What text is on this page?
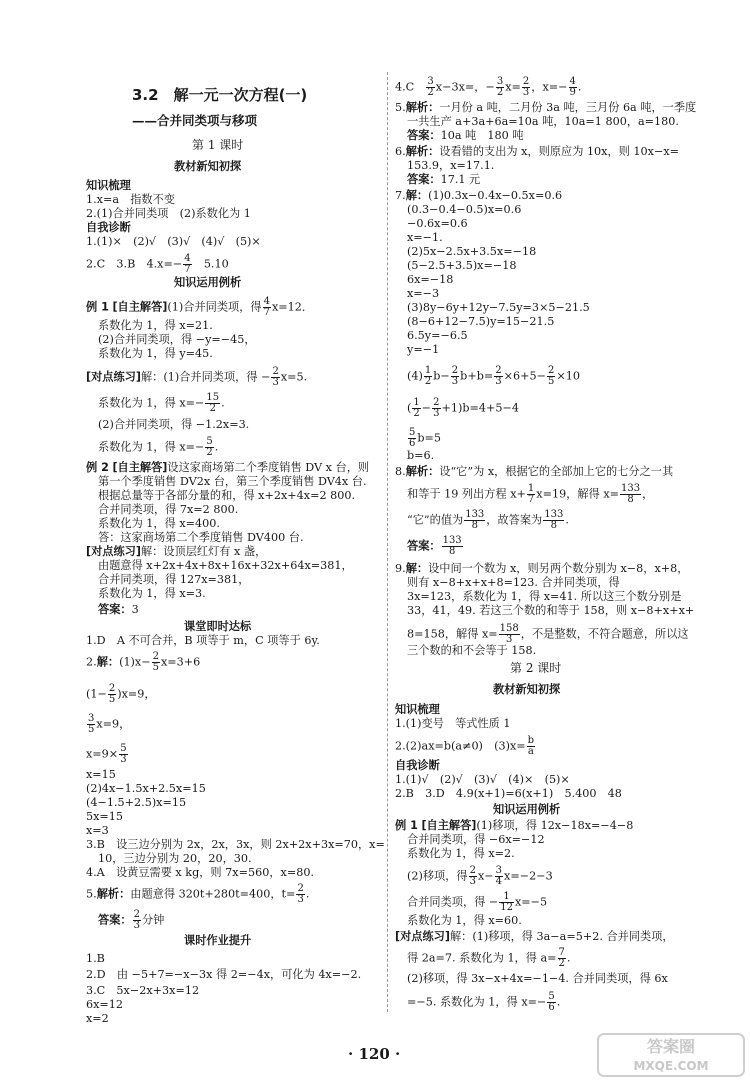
3.2　解一元一次方程(一)
——合并同类项与移项
第 1 课时
教材新知初探
知识梳理
1.x=a　指数不变
2.(1)合并同类项　(2)系数化为 1
自我诊断
1.(1)×　(2)√　(3)√　(4)√　(5)×
2.C　3.B　$4.x=- \frac{4}{7}$ 　5.10
知识运用例析
例 1 [自主解答](1)合并同类项，得 $\frac{4}{7} x=12$．
系数化为 1，得 x=21.
(2)合并同类项，得 −y=−45，
系数化为 1，得 y=45.
[对点练习]解：(1)合并同类项，得 − $\frac{2}{3} x=5$.
系数化为 1，得 $x=- \frac{15}{2}$ .
(2)合并同类项，得 −1.2x=3.
系数化为 1，得 $x=- \frac{5}{2}$ .
例 2 [自主解答]设这家商场第二个季度销售 DV x 台，则
第一个季度销售 DV2x 台，第三个季度销售 DV4x 台.
根据总量等于各部分量的和，得 x+2x+4x=2 800.
合并同类项，得 7x=2 800.
系数化为 1，得 x=400.
答：这家商场第二个季度销售 DV400 台.
[对点练习]解：设顶层红灯有 x 盏，
由题意得 x+2x+4x+8x+16x+32x+64x=381，
合并同类项，得 127x=381，
系数化为 1，得 x=3.
答案：3
课堂即时达标
1.D　A 不可合并，B 项等于 m，C 项等于 6y.
2.解：$(1)x- \frac{2}{5} x=3+6$
$(1- \frac{2}{5} )x=9$，
$\frac{3}{5} x=9$，
$x=9\times \frac{5}{3}$
x=15
(2)4x−1.5x+2.5x=15
(4−1.5+2.5)x=15
5x=15
x=3
3.B　设三边分别为 2x，2x，3x，则 2x+2x+3x=70，x=
10，三边分别为 20，20，30.
4.A　设黄豆需要 x kg，则 7x=560，x=80.
5.解析：由题意得 320t+280t=400，$t= \frac{2}{3}$ .
答案： $\frac{2}{3}$ 分钟
课时作业提升
1.B
2.D　由 −5+7=−x−3x 得 2=−4x，可化为 4x=−2.
3.C　5x−2x+3x=12
6x=12
x=2
4.C　 $\frac{3}{2} x-3x=$，− $\frac{3}{2} x= \frac{2}{3}$ ，$x=- \frac{4}{9}$ .
5.解析：一月份 a 吨，二月份 3a 吨，三月份 6a 吨，一季度
一共生产 a+3a+6a=10a 吨，10a=1 800，a=180.
答案：10a 吨　180 吨
6.解析：设看错的支出为 x，则原应为 10x，则 10x−x=
153.9，x=17.1.
答案：17.1 元
7.解：(1)0.3x−0.4x−0.5x=0.6
(0.3−0.4−0.5)x=0.6
−0.6x=0.6
x=−1.
(2)5x−2.5x+3.5x=−18
(5−2.5+3.5)x=−18
6x=−18
x=−3
(3)8y−6y+12y−7.5y=3×5−21.5
(8−6+12−7.5)y=15−21.5
6.5y=−6.5
y=−1
$(4) \frac{1}{2} b- \frac{2}{3} b+b= \frac{2}{3} \times 6+5- \frac{2}{5} \times 10$
( $\frac{1}{2} - \frac{2}{3} +1)b=4+5-4$
$\frac{5}{6} b=5$
b=6.
8.解析：设“它”为 x，根据它的全部加上它的七分之一其
和等于 19 列出方程 $x+ \frac{1}{7} x=19$，解得 $x= \frac{133}{8}$ ，
“它”的值为 $\frac{133}{8}$ ，故答案为 $\frac{133}{8}$ .
答案： $\frac{133}{8}$
9.解：设中间一个数为 x，则另两个数分别为 x−8，x+8，
则有 x−8+x+x+8=123. 合并同类项，得
3x=123，系数化为 1，得 x=41. 所以这三个数分别是
33，41，49. 若这三个数的和等于 158，则 x−8+x+x+
8=158，解得 $x= \frac{158}{3}$ ，不是整数，不符合题意，所以这
三个数的和不会等于 158.
第 2 课时
教材新知初探
知识梳理
1.(1)变号　等式性质 1
2.(2)ax=b(a≠0)　$(3)x= \frac{b}{a}$
自我诊断
1.(1)√　(2)√　(3)√　(4)×　(5)×
2.B　3.D　4.9(x+1)=6(x+1)　5.400　48
知识运用例析
例 1 [自主解答](1)移项，得 12x−18x=−4−8
合并同类项，得 −6x=−12
系数化为 1，得 x=2.
(2)移项，得 $\frac{2}{3} x- \frac{3}{4} x=-2-3$
合并同类项，得 − $\frac{1}{12} x=-5$
系数化为 1，得 x=60.
[对点练习]解：(1)移项，得 3a−a=5+2. 合并同类项，
得 2a=7. 系数化为 1，得 $a= \frac{7}{2}$ .
(2)移项，得 3x−x+4x=−1−4. 合并同类项，得 6x
=−5. 系数化为 1，得 $x=- \frac{5}{6}$ .
· 120 ·	答案圈
MXQE.COM
